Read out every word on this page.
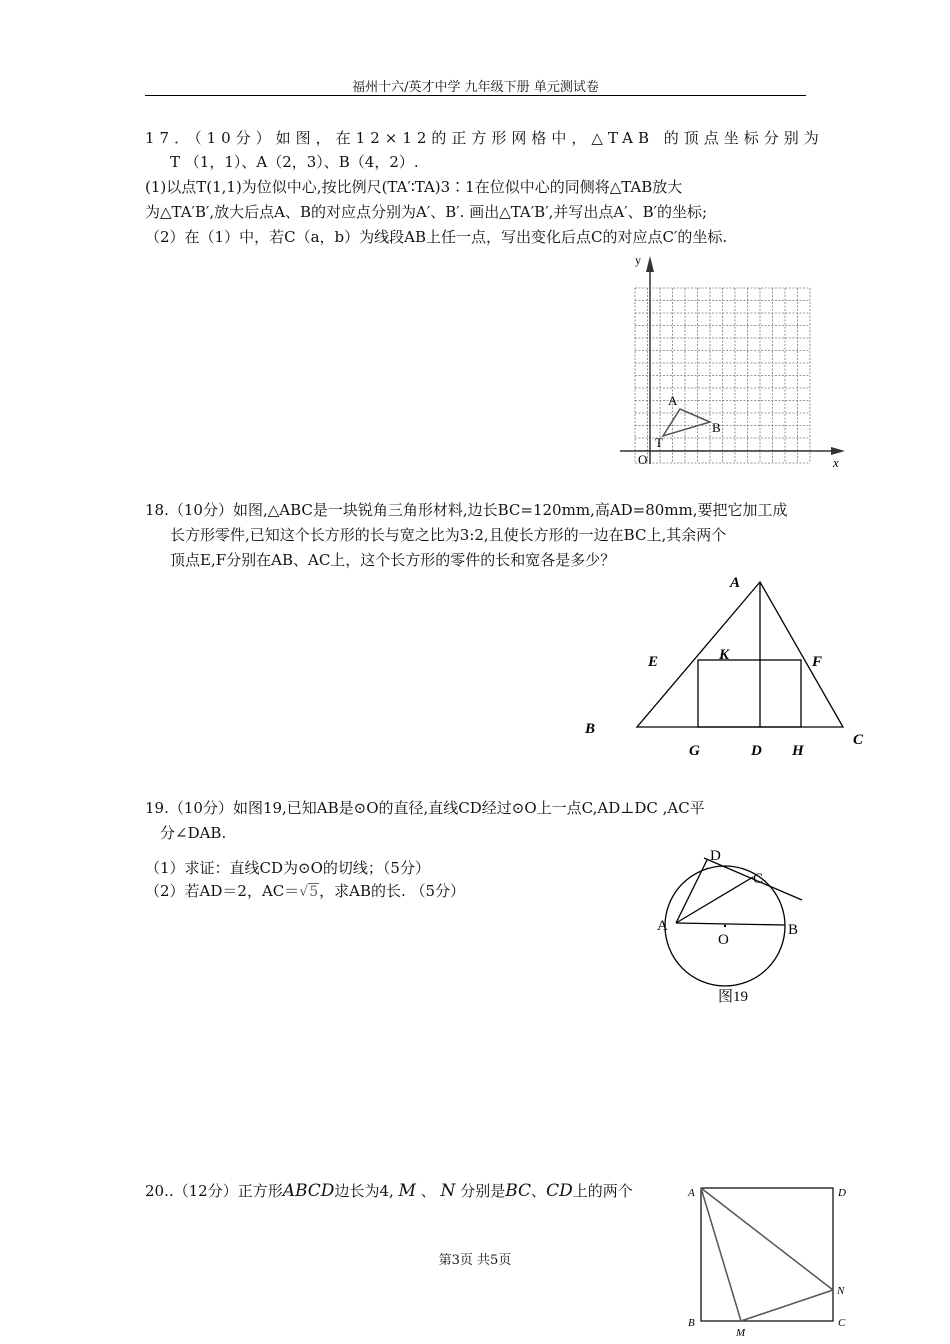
福州十六/英才中学 九年级下册 单元测试卷
17．（10分）如图，在12×12的正方形网格中，△TAB 的顶点坐标分别为
T （1，1）、A（2，3）、B（4，2）.
(1)以点T(1,1)为位似中心,按比例尺(TA′∶TA)3∶1在位似中心的同侧将△TAB放大
为△TA′B′,放大后点A、B的对应点分别为A′、B′. 画出△TA′B′,并写出点A′、B′的坐标;
（2）在（1）中，若C（a，b）为线段AB上任一点，写出变化后点C的对应点C′的坐标.
y
x
O
A
B
T
18.（10分）如图,△ABC是一块锐角三角形材料,边长BC=120mm,高AD=80mm,要把它加工成
长方形零件,已知这个长方形的长与宽之比为3:2,且使长方形的一边在BC上,其余两个
顶点E,F分别在AB、AC上，这个长方形的零件的长和宽各是多少？
A
B
C
D
E	F
G	H
K
19.（10分）如图19,已知AB是⊙O的直径,直线CD经过⊙O上一点C,AD⊥DC ,AC平
分∠DAB.
（1）求证：直线CD为⊙O的切线；（5分）
（2）若AD＝2，AC＝√5，求AB的长. （5分）
A	B
C
D
O
图19
20..（12分）正方形ABCD边长为4, M 、 N 分别是BC、CD上的两个	A	D
B	C
M
N
第3页 共5页
